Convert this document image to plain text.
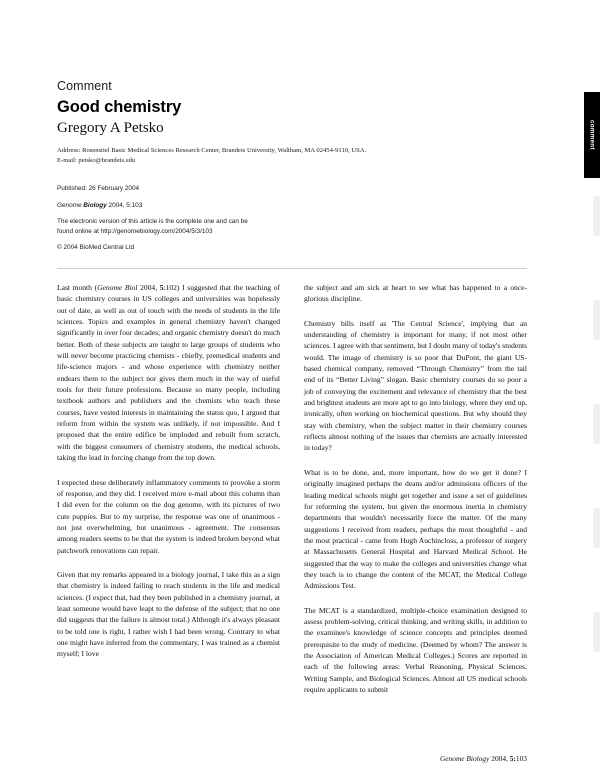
comment
Comment
Good chemistry
Gregory A Petsko
Address: Rosenstiel Basic Medical Sciences Research Center, Brandeis University, Waltham, MA 02454-9110, USA.
E-mail: petsko@brandeis.edu
Published: 26 February 2004
Genome Biology 2004, 5:103
The electronic version of this article is the complete one and can be
found online at http://genomebiology.com/2004/5/3/103
© 2004 BioMed Central Ltd

Last month (Genome Biol 2004, 5:102) I suggested that the teaching of basic chemistry courses in US colleges and universities was hopelessly out of date, as well as out of touch with the needs of students in the life sciences. Topics and examples in general chemistry haven't changed significantly in over four decades; and organic chemistry doesn't do much better. Both of these subjects are taught to large groups of students who will never become practicing chemists - chiefly, premedical students and life-science majors - and whose experience with chemistry neither endears them to the subject nor gives them much in the way of useful tools for their future professions. Because so many people, including textbook authors and publishers and the chemists who teach these courses, have vested interests in maintaining the status quo, I argued that reform from within the system was unlikely, if not impossible. And I proposed that the entire edifice be imploded and rebuilt from scratch, with the biggest consumers of chemistry students, the medical schools, taking the lead in forcing change from the top down.

I expected these deliberately inflammatory comments to provoke a storm of response, and they did. I received more e-mail about this column than I did even for the column on the dog genome, with its pictures of two cute puppies. But to my surprise, the response was one of unanimous - not just overwhelming, but unanimous - agreement. The consensus among readers seems to be that the system is indeed broken beyond what patchwork renovations can repair.

Given that my remarks appeared in a biology journal, I take this as a sign that chemistry is indeed failing to reach students in the life and medical sciences. (I expect that, had they been published in a chemistry journal, at least someone would have leapt to the defense of the subject; that no one did suggests that the failure is almost total.) Although it's always pleasant to be told one is right, I rather wish I had been wrong. Contrary to what one might have inferred from the commentary, I was trained as a chemist myself; I love

the subject and am sick at heart to see what has happened to a once-glorious discipline.

Chemistry bills itself as 'The Central Science', implying that an understanding of chemistry is important for many, if not most other sciences. I agree with that sentiment, but I doubt many of today's students would. The image of chemistry is so poor that DuPont, the giant US-based chemical company, removed “Through Chemistry” from the tail end of its “Better Living” slogan. Basic chemistry courses do so poor a job of conveying the excitement and relevance of chemistry that the best and brightest students are more apt to go into biology, where they end up, ironically, often working on biochemical questions. But why should they stay with chemistry, when the subject matter in their chemistry courses reflects almost nothing of the issues that chemists are actually interested in today?

What is to be done, and, more important, how do we get it done? I originally imagined perhaps the deans and/or admissions officers of the leading medical schools might get together and issue a set of guidelines for reforming the system, but given the enormous inertia in chemistry departments that wouldn't necessarily force the matter. Of the many suggestions I received from readers, perhaps the most thoughtful - and the most practical - came from Hugh Auchincloss, a professor of surgery at Massachusetts General Hospital and Harvard Medical School. He suggested that the way to make the colleges and universities change what they teach is to change the content of the MCAT, the Medical College Admissions Test.

The MCAT is a standardized, multiple-choice examination designed to assess problem-solving, critical thinking, and writing skills, in addition to the examinee's knowledge of science concepts and principles deemed prerequisite to the study of medicine. (Deemed by whom? The answer is the Association of American Medical Colleges.) Scores are reported in each of the following areas: Verbal Reasoning, Physical Sciences, Writing Sample, and Biological Sciences. Almost all US medical schools require applicants to submit

Genome Biology 2004, 5:103
